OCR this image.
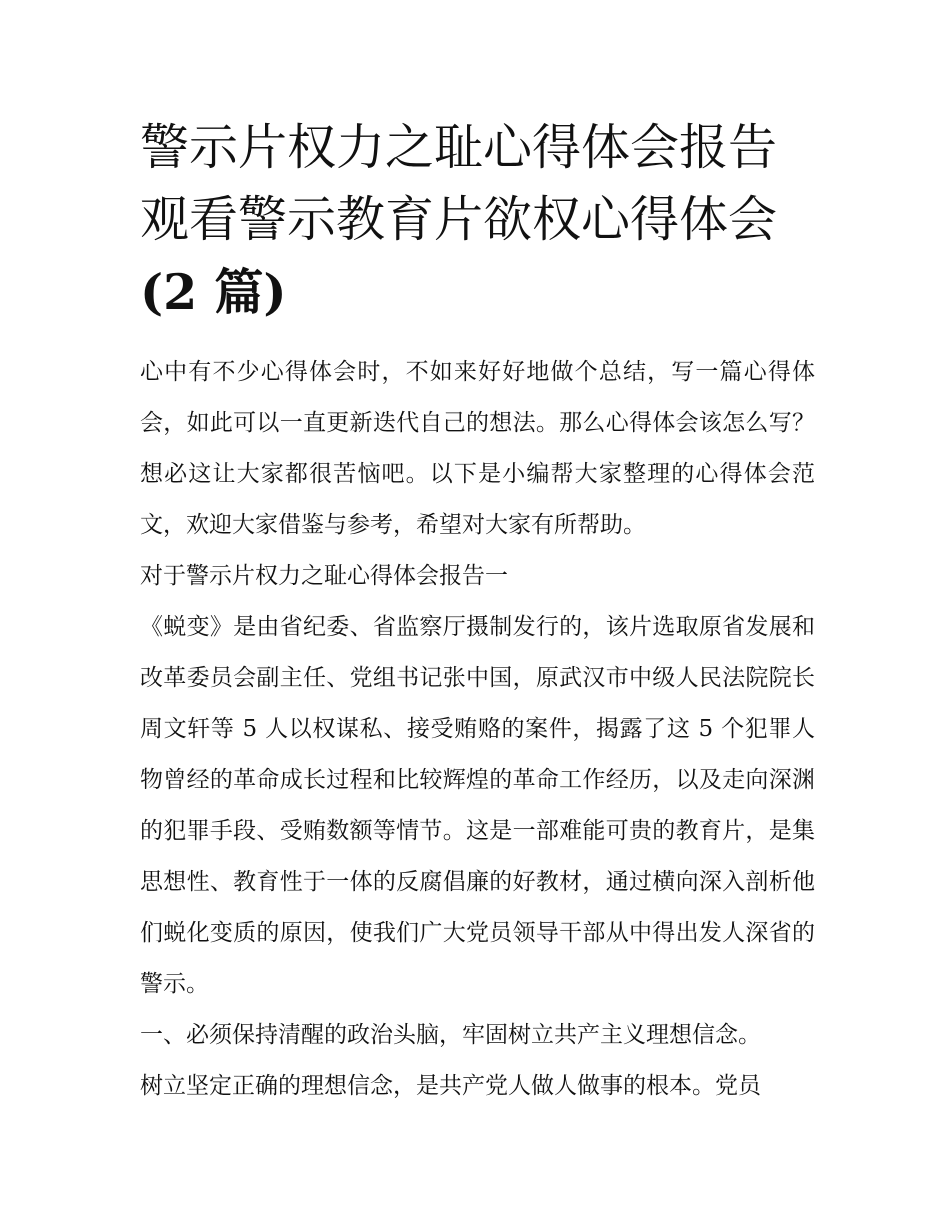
警示片权力之耻心得体会报告
观看警示教育片欲权心得体会
(2 篇)

心中有不少心得体会时，不如来好好地做个总结，写一篇心得体会，如此可以一直更新迭代自己的想法。那么心得体会该怎么写？想必这让大家都很苦恼吧。以下是小编帮大家整理的心得体会范文，欢迎大家借鉴与参考，希望对大家有所帮助。

对于警示片权力之耻心得体会报告一

《蜕变》是由省纪委、省监察厅摄制发行的，该片选取原省发展和改革委员会副主任、党组书记张中国，原武汉市中级人民法院院长周文轩等 5 人以权谋私、接受贿赂的案件，揭露了这 5 个犯罪人物曾经的革命成长过程和比较辉煌的革命工作经历，以及走向深渊的犯罪手段、受贿数额等情节。这是一部难能可贵的教育片，是集思想性、教育性于一体的反腐倡廉的好教材，通过横向深入剖析他们蜕化变质的原因，使我们广大党员领导干部从中得出发人深省的警示。

一、必须保持清醒的政治头脑，牢固树立共产主义理想信念。

树立坚定正确的理想信念，是共产党人做人做事的根本。党员
